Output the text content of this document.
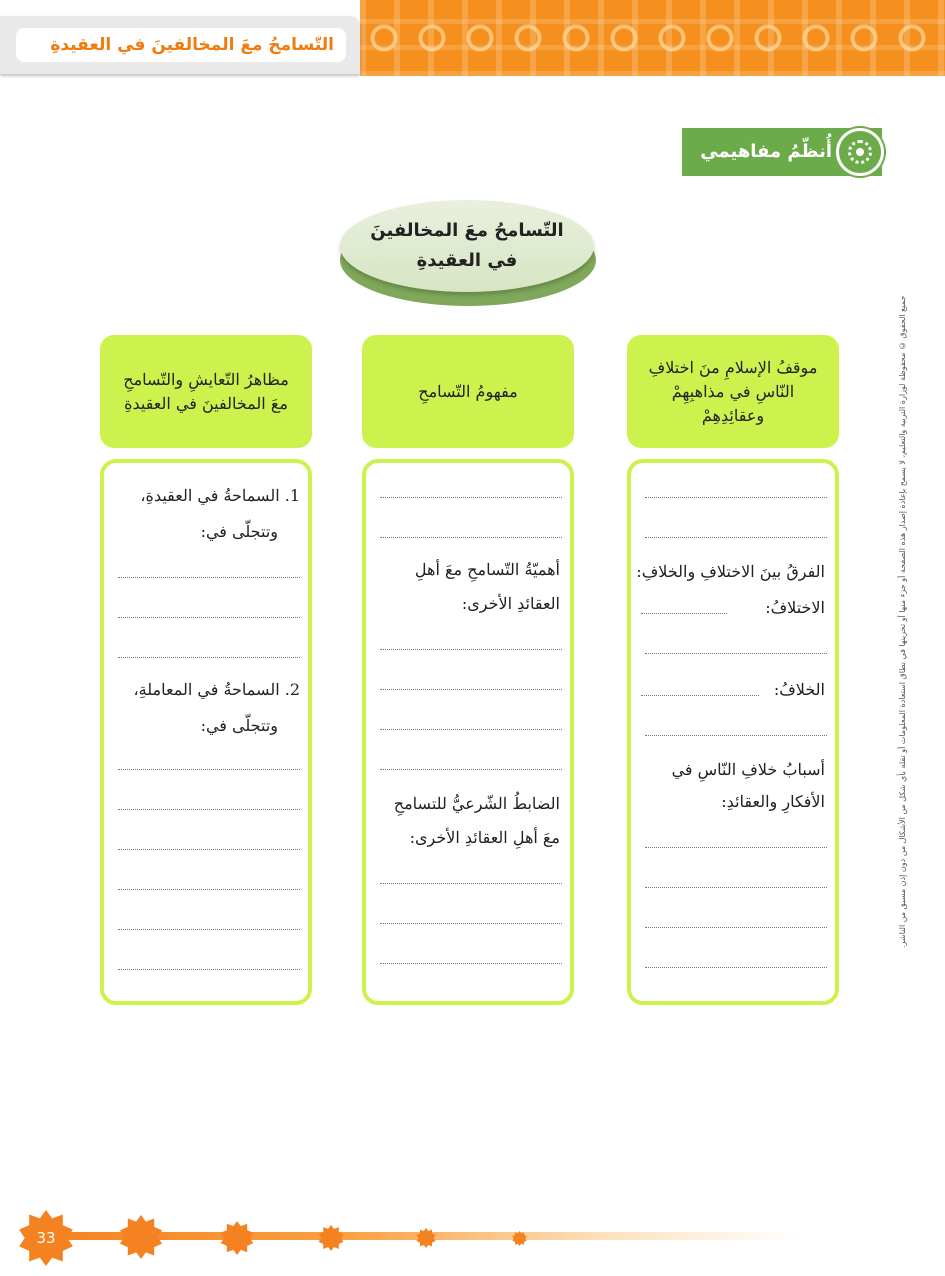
التّسامحُ معَ المخالفينَ في العقيدةِ
أُنظّمُ مفاهيمي
التّسامحُ معَ المخالفينَ
في العقيدةِ
موقفُ الإسلامِ منَ اختلافِ النّاسِ في مذاهبِهِمْ وعقائِدِهِمْ
مفهومُ التّسامحِ
مظاهرُ التّعايشِ والتّسامحِ معَ المخالفينَ في العقيدةِ
الفرقُ بينَ الاختلافِ والخلافِ:
الاختلافُ:
الخلافُ:
أسبابُ خلافِ النّاسِ في
الأفكارِ والعقائدِ:
أهميّةُ التّسامحِ معَ أهلِ
العقائدِ الأخرى:
الضابطُ الشّرعيُّ للتسامحِ
معَ أهلِ العقائدِ الأخرى:
1. السماحةُ في العقيدةِ،
وتتجلّى في:
2. السماحةُ في المعاملةِ،
وتتجلّى في:	جميع الحقوق © محفوظة لوزارة التربية والتعليم، لا يسمح بإعادة إصدار هذه الصفحة أو جزء منها أو تخزينها في نطاق استعادة المعلومات أو نقله بأي شكل من الأشكال من دون إذن مسبق من الناشر.
33
